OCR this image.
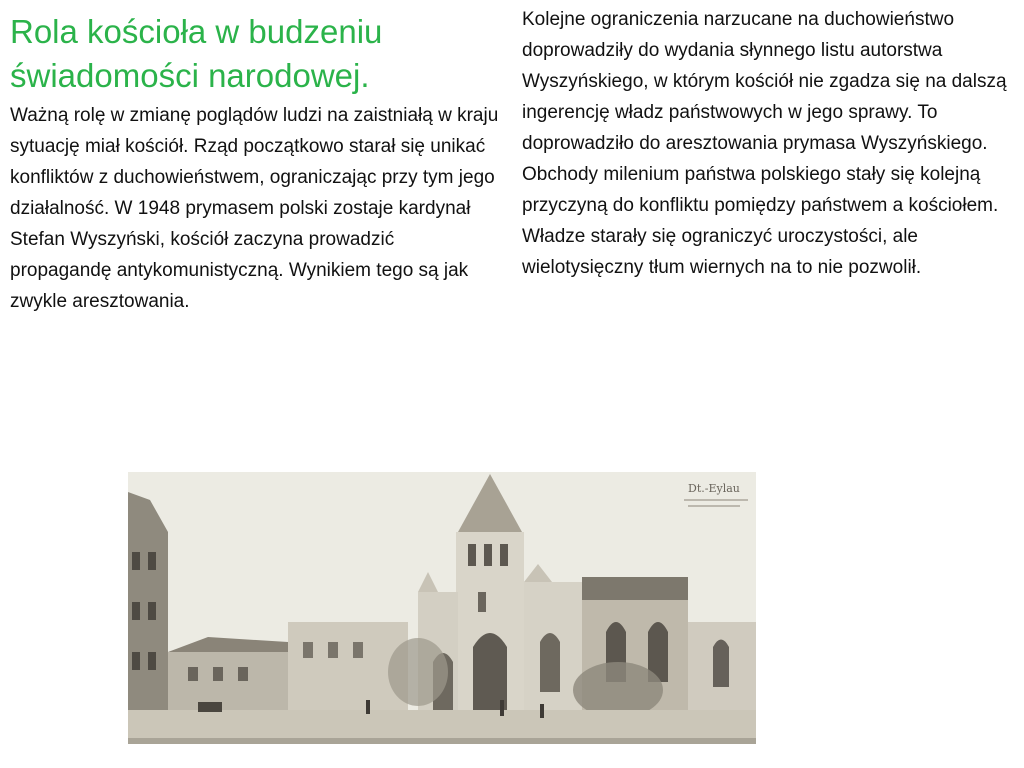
Rola kościoła w budzeniu
świadomości narodowej.

Ważną rolę w zmianę poglądów ludzi na zaistniałą w kraju sytuację miał kościół. Rząd początkowo starał się unikać konfliktów z duchowieństwem, ograniczając przy tym jego działalność. W 1948 prymasem polski zostaje kardynał Stefan Wyszyński, kościół zaczyna prowadzić propagandę antykomunistyczną. Wynikiem tego są jak zwykle aresztowania.

Kolejne ograniczenia narzucane na duchowieństwo doprowadziły do wydania słynnego listu autorstwa Wyszyńskiego, w którym kościół nie zgadza się na dalszą ingerencję władz państwowych w jego sprawy. To doprowadziło do aresztowania prymasa Wyszyńskiego. Obchody milenium państwa polskiego stały się kolejną przyczyną do konfliktu pomiędzy państwem a kościołem. Władze starały się ograniczyć uroczystości, ale wielotysięczny tłum wiernych na to nie pozwolił.

Dt.-Eylau
